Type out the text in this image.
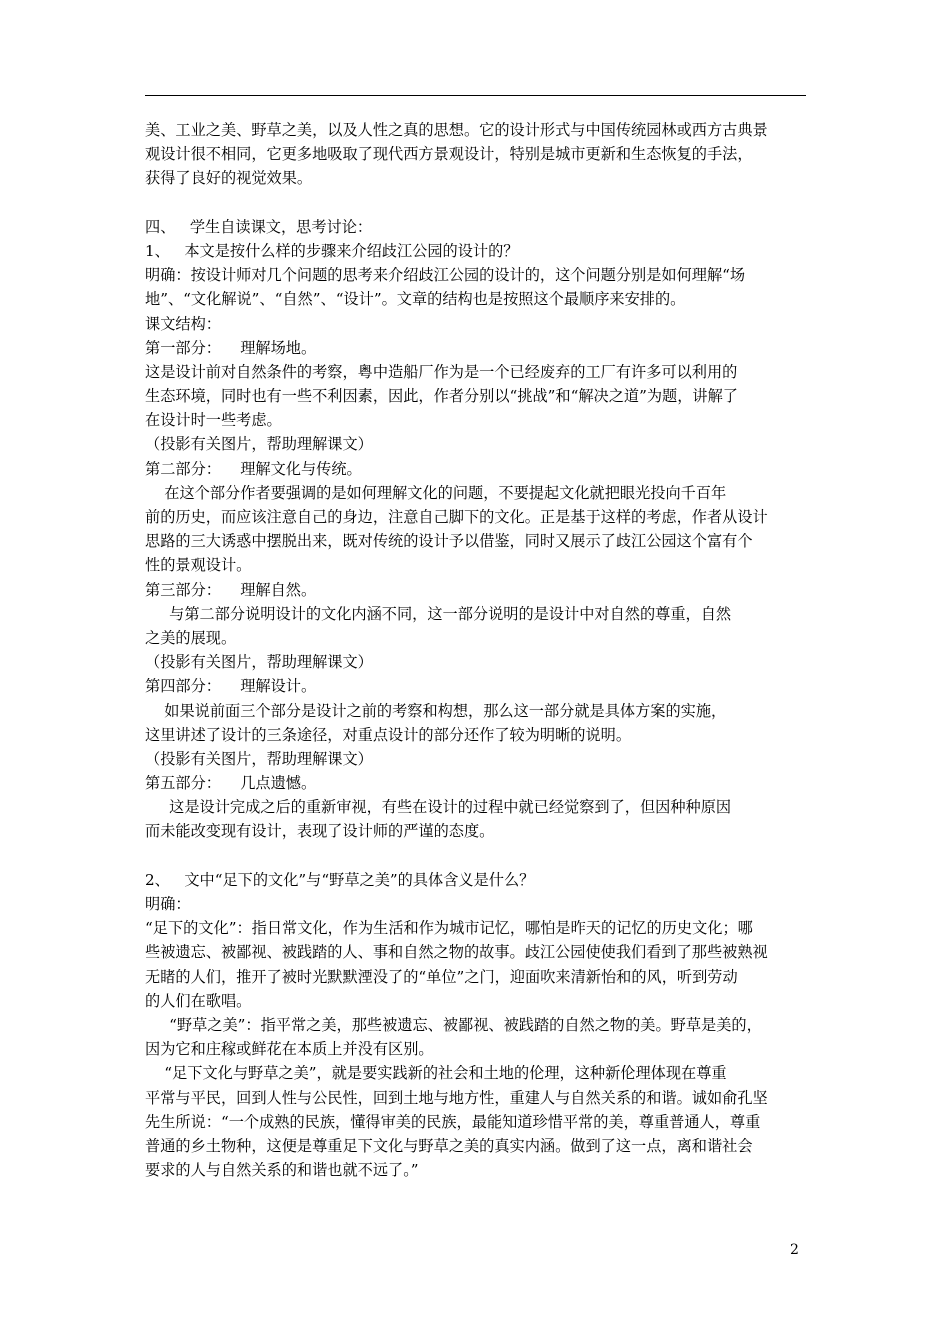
美、工业之美、野草之美，以及人性之真的思想。它的设计形式与中国传统园林或西方古典景
观设计很不相同，它更多地吸取了现代西方景观设计，特别是城市更新和生态恢复的手法，
获得了良好的视觉效果。
四、   学生自读课文，思考讨论：
1、   本文是按什么样的步骤来介绍歧江公园的设计的？
明确：按设计师对几个问题的思考来介绍歧江公园的设计的，这个问题分别是如何理解“场
地”、“文化解说”、“自然”、“设计”。文章的结构也是按照这个最顺序来安排的。
课文结构：
第一部分：    理解场地。
这是设计前对自然条件的考察，粤中造船厂作为是一个已经废弃的工厂有许多可以利用的
生态环境，同时也有一些不利因素，因此，作者分别以“挑战”和“解决之道”为题，讲解了
在设计时一些考虑。
（投影有关图片，帮助理解课文）
第二部分：    理解文化与传统。
在这个部分作者要强调的是如何理解文化的问题，不要提起文化就把眼光投向千百年
前的历史，而应该注意自己的身边，注意自己脚下的文化。正是基于这样的考虑，作者从设计
思路的三大诱惑中摆脱出来，既对传统的设计予以借鉴，同时又展示了歧江公园这个富有个
性的景观设计。
第三部分：    理解自然。
与第二部分说明设计的文化内涵不同，这一部分说明的是设计中对自然的尊重，自然
之美的展现。
（投影有关图片，帮助理解课文）
第四部分：    理解设计。
如果说前面三个部分是设计之前的考察和构想，那么这一部分就是具体方案的实施，
这里讲述了设计的三条途径，对重点设计的部分还作了较为明晰的说明。
（投影有关图片，帮助理解课文）
第五部分：    几点遗憾。
这是设计完成之后的重新审视，有些在设计的过程中就已经觉察到了，但因种种原因
而未能改变现有设计，表现了设计师的严谨的态度。
2、   文中“足下的文化”与“野草之美”的具体含义是什么？
明确：
“足下的文化”：指日常文化，作为生活和作为城市记忆，哪怕是昨天的记忆的历史文化；哪
些被遗忘、被鄙视、被践踏的人、事和自然之物的故事。歧江公园使使我们看到了那些被熟视
无睹的人们，推开了被时光默默湮没了的“单位”之门，迎面吹来清新怡和的风，听到劳动
的人们在歌唱。
“野草之美”：指平常之美，那些被遗忘、被鄙视、被践踏的自然之物的美。野草是美的，
因为它和庄稼或鲜花在本质上并没有区别。
“足下文化与野草之美”，就是要实践新的社会和土地的伦理，这种新伦理体现在尊重
平常与平民，回到人性与公民性，回到土地与地方性，重建人与自然关系的和谐。诚如俞孔坚
先生所说：“一个成熟的民族，懂得审美的民族，最能知道珍惜平常的美，尊重普通人，尊重
普通的乡土物种，这便是尊重足下文化与野草之美的真实内涵。做到了这一点，离和谐社会
要求的人与自然关系的和谐也就不远了。”
2
